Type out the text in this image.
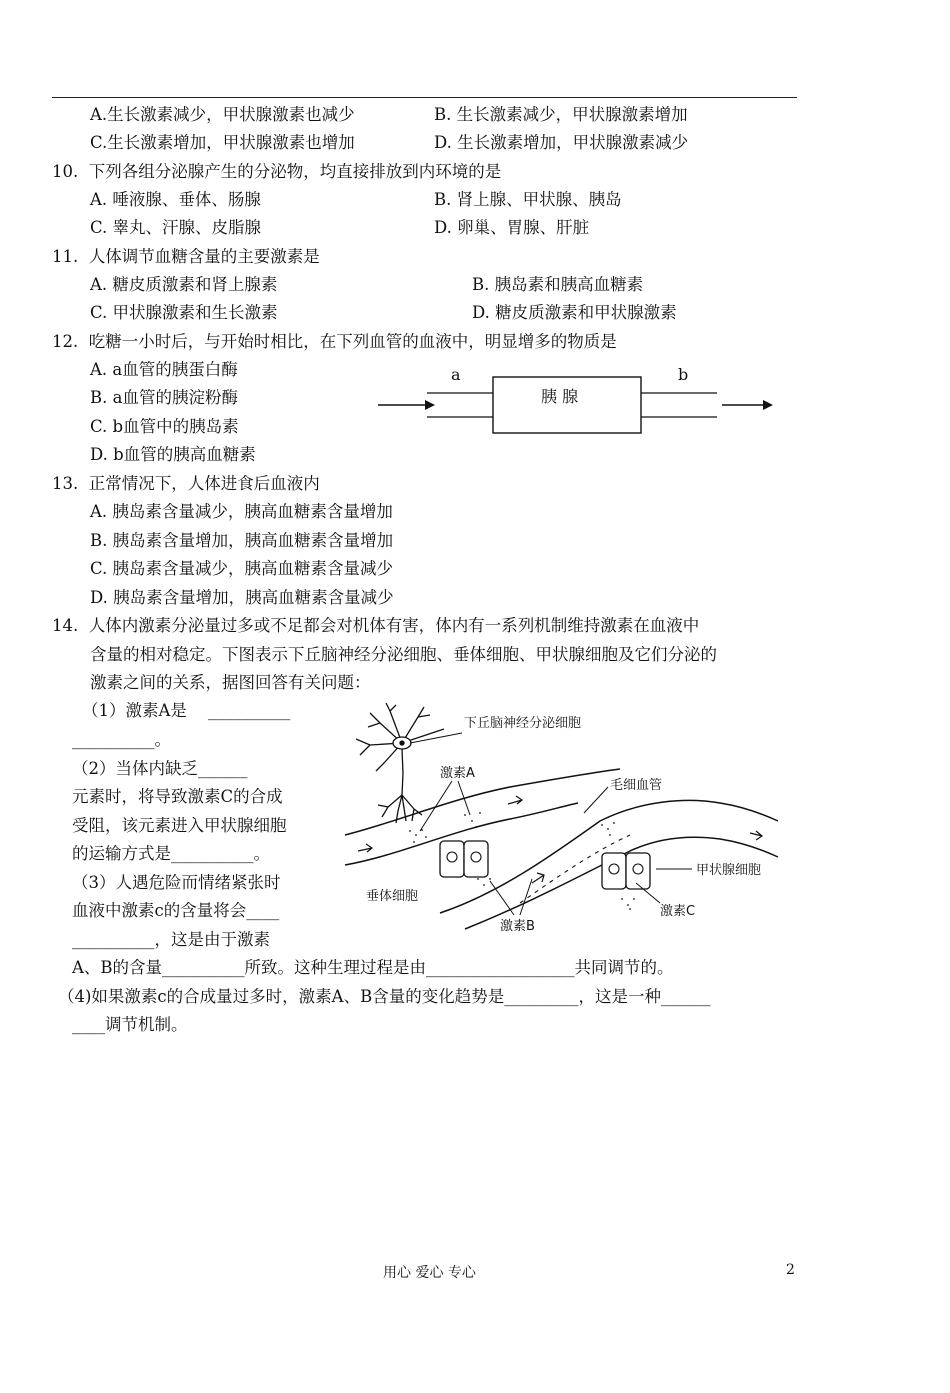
A.生长激素减少，甲状腺激素也减少	B. 生长激素减少，甲状腺激素增加
C.生长激素增加，甲状腺激素也增加	D. 生长激素增加，甲状腺激素减少
10.  下列各组分泌腺产生的分泌物，均直接排放到内环境的是
A. 唾液腺、垂体、肠腺	B. 肾上腺、甲状腺、胰岛
C. 睾丸、汗腺、皮脂腺	D. 卵巢、胃腺、肝脏
11.  人体调节血糖含量的主要激素是
A. 糖皮质激素和肾上腺素	B. 胰岛素和胰高血糖素
C. 甲状腺激素和生长激素	D. 糖皮质激素和甲状腺激素
12.  吃糖一小时后，与开始时相比，在下列血管的血液中，明显增多的物质是
A. a血管的胰蛋白酶
B. a血管的胰淀粉酶
C. b血管中的胰岛素
D. b血管的胰高血糖素
a	b
胰 腺
13.  正常情况下，人体进食后血液内
A. 胰岛素含量减少，胰高血糖素含量增加
B. 胰岛素含量增加，胰高血糖素含量增加
C. 胰岛素含量减少，胰高血糖素含量减少
D. 胰岛素含量增加，胰高血糖素含量减少
14.  人体内激素分泌量过多或不足都会对机体有害，体内有一系列机制维持激素在血液中
含量的相对稳定。下图表示下丘脑神经分泌细胞、垂体细胞、甲状腺细胞及它们分泌的
激素之间的关系，据图回答有关问题：
（1）激素A是    __________
__________。
（2）当体内缺乏______
元素时，将导致激素C的合成
受阻，该元素进入甲状腺细胞
的运输方式是__________。
（3）人遇危险而情绪紧张时
血液中激素c的含量将会____
__________，这是由于激素
A、B的含量__________所致。这种生理过程是由__________________共同调节的。
（4)如果激素c的合成量过多时，激素A、B含量的变化趋势是_________，这是一种______
____调节机制。
下丘脑神经分泌细胞
激素A
毛细血管
甲状腺细胞
垂体细胞
激素B
激素C
用心 爱心 专心	2
